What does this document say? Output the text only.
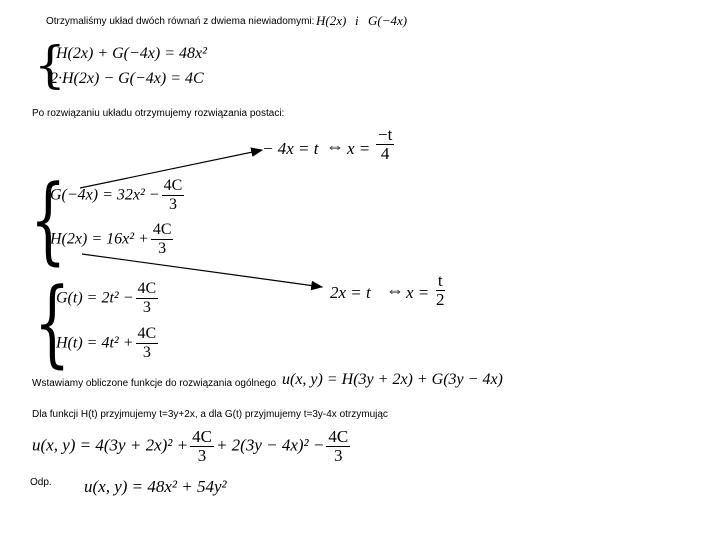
Otrzymaliśmy układ dwóch równań z dwiema niewiadomymi: H(2x) i G(−4x)
{
H(2x) + G(−4x) = 48x²
2·H(2x) − G(−4x) = 4C
Po rozwiązaniu układu otrzymujemy rozwiązania postaci:
− 4x = t ⇔ $x = \frac{-t}{4}$
{
$G(-4x) = 32x^2 - \frac{4C}{3}$
$H(2x) = 16x^2 + \frac{4C}{3}$
2x = t ⇔ $x = \frac{t}{2}$
{
$G(t) = 2t^2 - \frac{4C}{3}$
$H(t) = 4t^2 + \frac{4C}{3}$
Wstawiamy obliczone funkcje do rozwiązania ogólnego u(x, y) = H(3y + 2x) + G(3y − 4x)
Dla funkcji H(t) przyjmujemy t=3y+2x, a dla G(t) przyjmujemy t=3y-4x otrzymując
u(x, $y) = 4(3y + 2x)^2 + \frac{4C}{3} + 2(3y - 4x)^2 - \frac{4C}{3}$
Odp. u(x, y) = 48x² + 54y²
